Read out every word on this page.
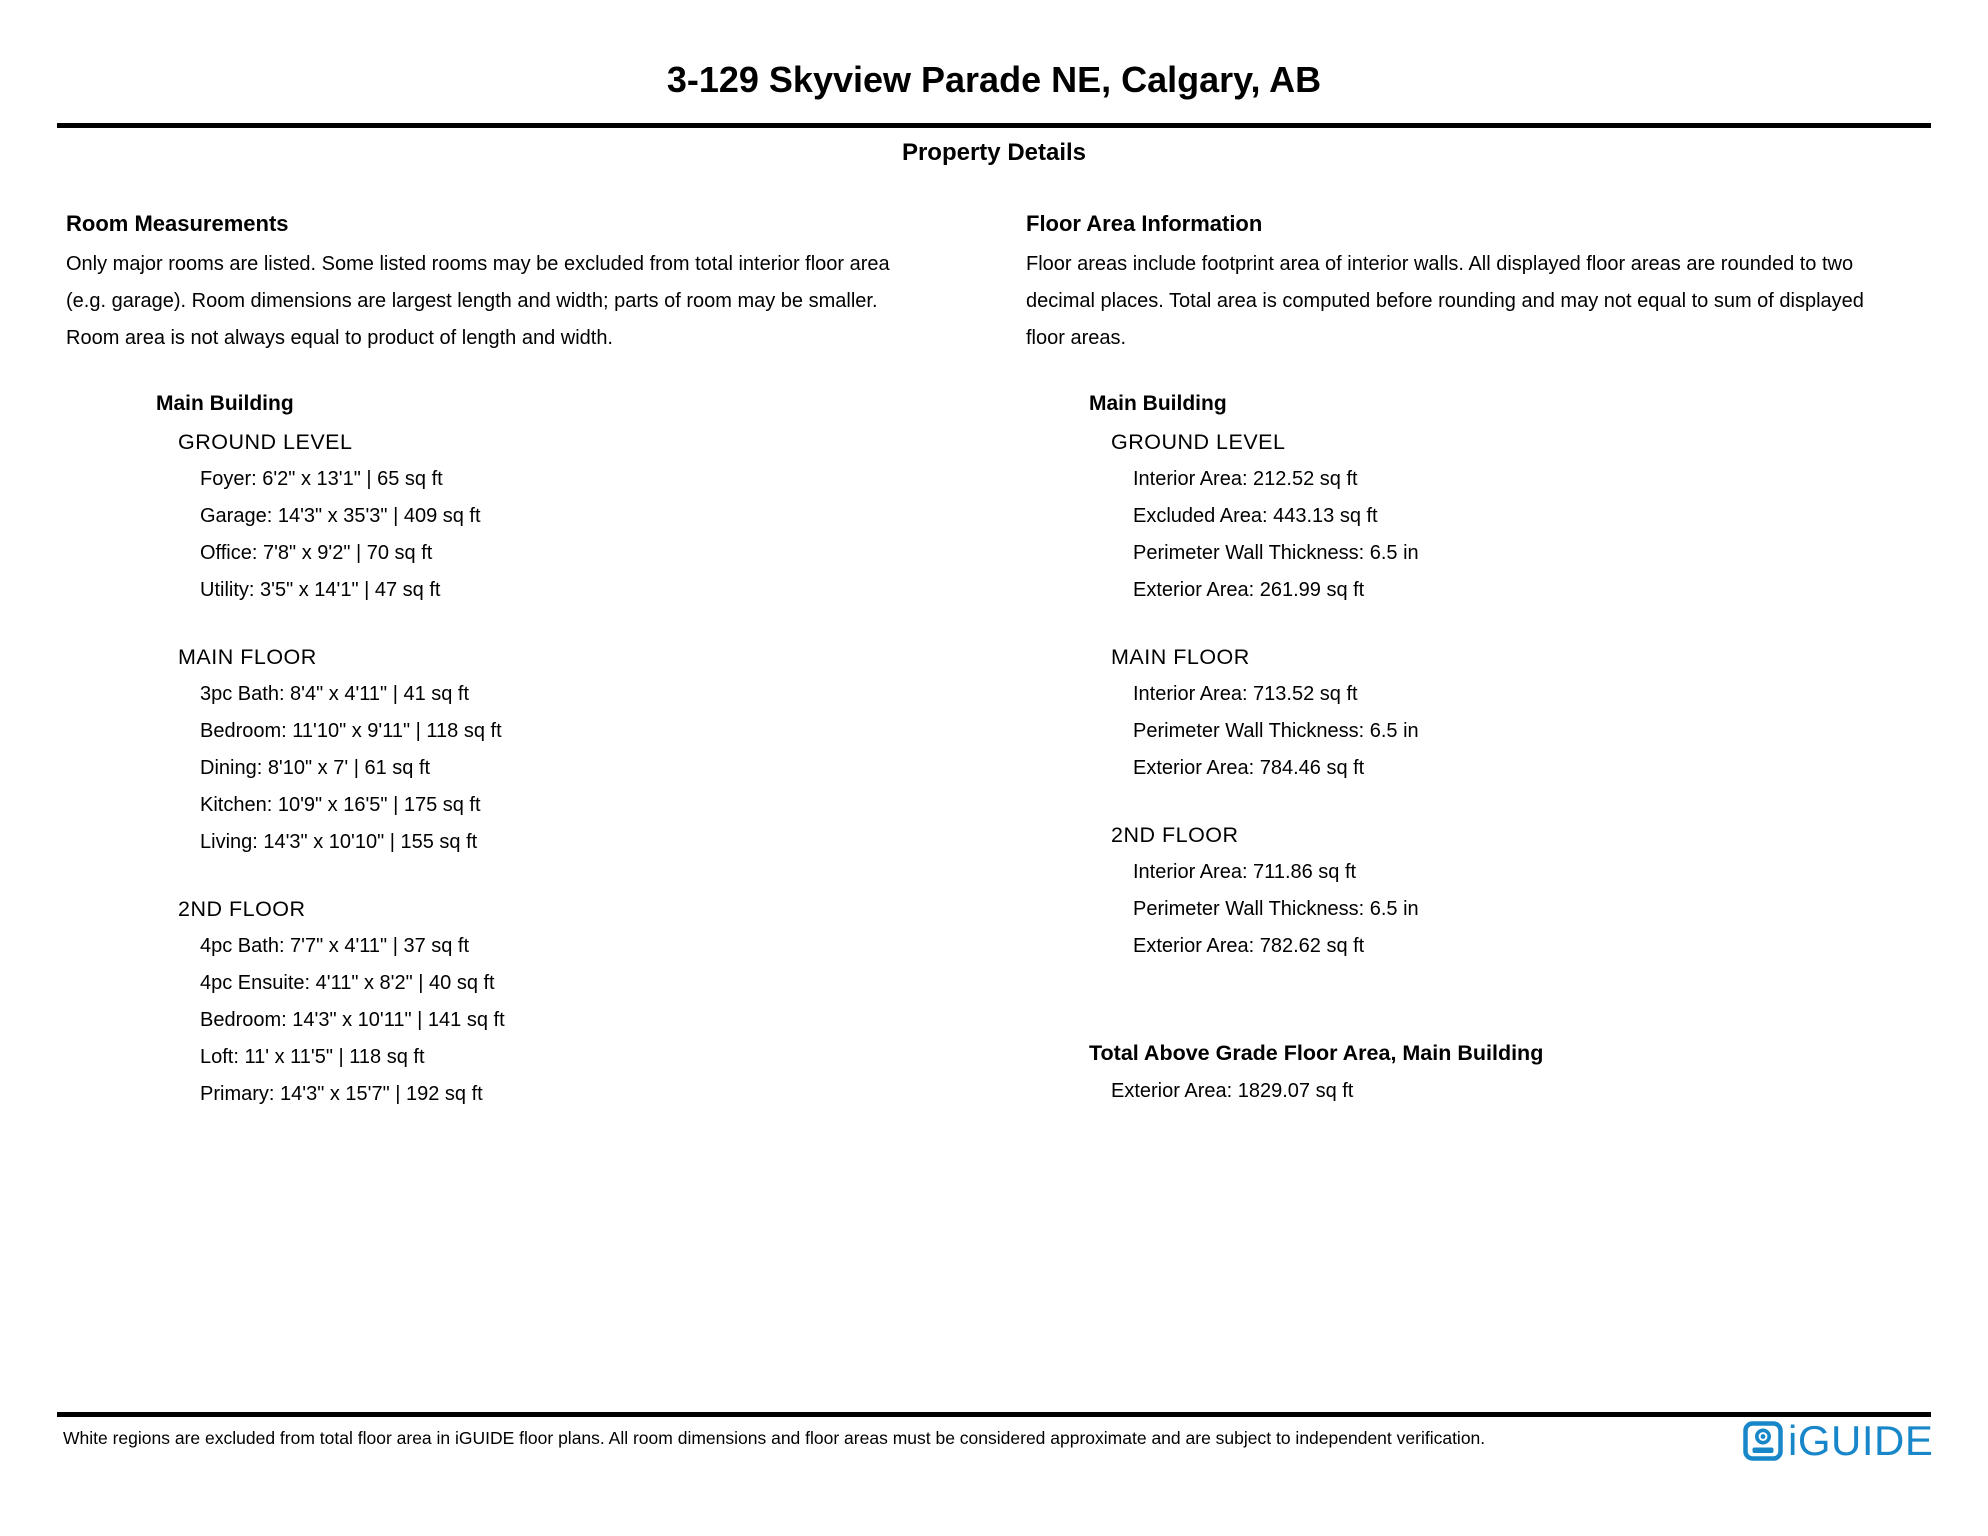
3-129 Skyview Parade NE, Calgary, AB
Property Details
Room Measurements
Only major rooms are listed. Some listed rooms may be excluded from total interior floor area
(e.g. garage). Room dimensions are largest length and width; parts of room may be smaller.
Room area is not always equal to product of length and width.
Main Building
GROUND LEVEL
Foyer: 6'2" x 13'1" | 65 sq ft
Garage: 14'3" x 35'3" | 409 sq ft
Office: 7'8" x 9'2" | 70 sq ft
Utility: 3'5" x 14'1" | 47 sq ft
MAIN FLOOR
3pc Bath: 8'4" x 4'11" | 41 sq ft
Bedroom: 11'10" x 9'11" | 118 sq ft
Dining: 8'10" x 7' | 61 sq ft
Kitchen: 10'9" x 16'5" | 175 sq ft
Living: 14'3" x 10'10" | 155 sq ft
2ND FLOOR
4pc Bath: 7'7" x 4'11" | 37 sq ft
4pc Ensuite: 4'11" x 8'2" | 40 sq ft
Bedroom: 14'3" x 10'11" | 141 sq ft
Loft: 11' x 11'5" | 118 sq ft
Primary: 14'3" x 15'7" | 192 sq ft
Floor Area Information
Floor areas include footprint area of interior walls. All displayed floor areas are rounded to two
decimal places. Total area is computed before rounding and may not equal to sum of displayed
floor areas.
Main Building
GROUND LEVEL
Interior Area: 212.52 sq ft
Excluded Area: 443.13 sq ft
Perimeter Wall Thickness: 6.5 in
Exterior Area: 261.99 sq ft
MAIN FLOOR
Interior Area: 713.52 sq ft
Perimeter Wall Thickness: 6.5 in
Exterior Area: 784.46 sq ft
2ND FLOOR
Interior Area: 711.86 sq ft
Perimeter Wall Thickness: 6.5 in
Exterior Area: 782.62 sq ft
Total Above Grade Floor Area, Main Building
Exterior Area: 1829.07 sq ft
White regions are excluded from total floor area in iGUIDE floor plans. All room dimensions and floor areas must be considered approximate and are subject to independent verification.	iGUIDE
